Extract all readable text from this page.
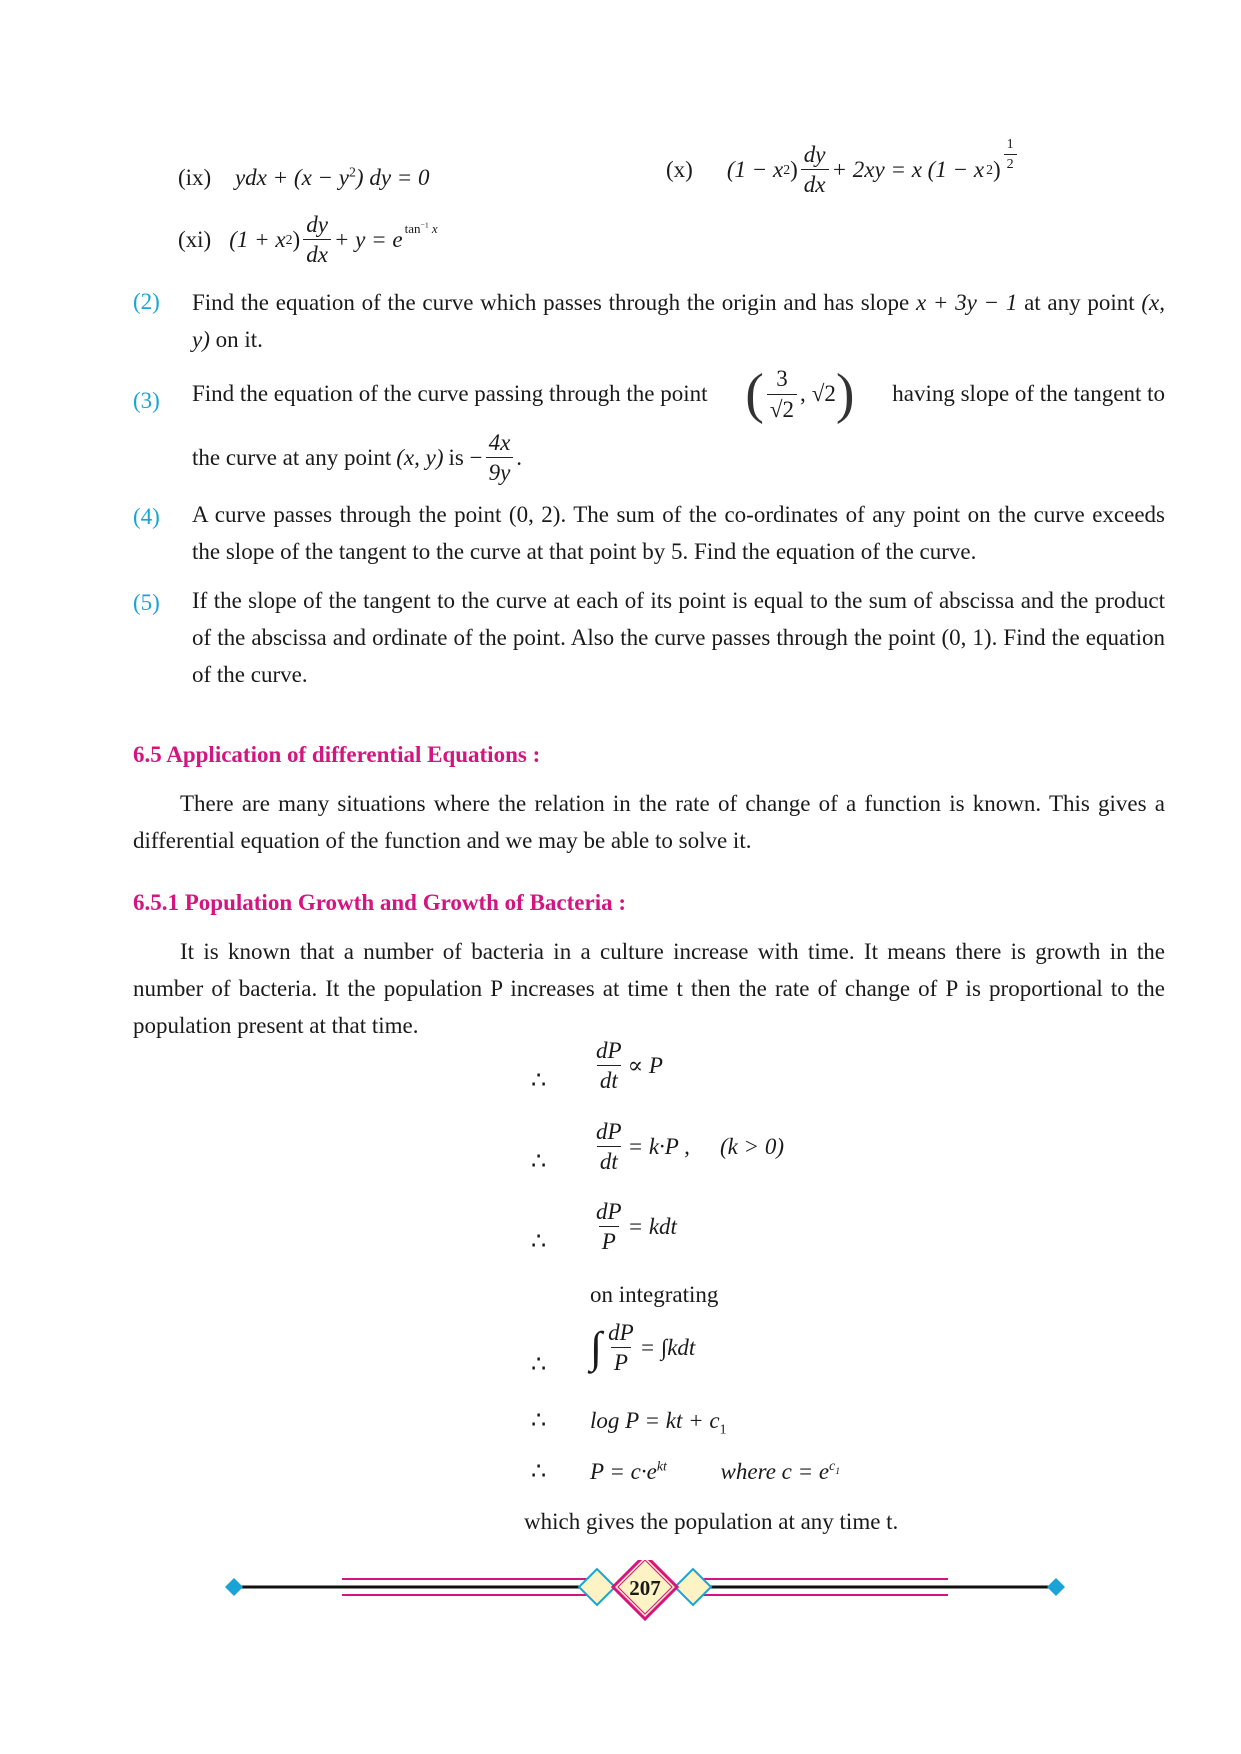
(ix) ydx + $(x - y^2)$ dy = 0	(x) (1 − x 2 ) $\frac{dy}{dx} + 2xy = x$ (1 − x 2 ) $\frac{1}{2}$
(xi) (1 + x 2 ) $\frac{dy}{dx} + y = e$ $\tan^{-1} x$
(2) Find the equation of the curve which passes through the origin and has slope x + 3y − 1 at any point (x, y) on it.
(3) Find the equation of the curve passing through the point ( $\frac{3}{√2}$ , √2 ) having slope of the tangent to
the curve at any point (x, y) is − $\frac{4x}{9y}$ .
(4) A curve passes through the point (0, 2). The sum of the co-ordinates of any point on the curve exceeds the slope of the tangent to the curve at that point by 5. Find the equation of the curve.
(5) If the slope of the tangent to the curve at each of its point is equal to the sum of abscissa and the product of the abscissa and ordinate of the point. Also the curve passes through the point (0, 1). Find the equation of the curve.
6.5 Application of differential Equations :
There are many situations where the relation in the rate of change of a function is known. This gives a differential equation of the function and we may be able to solve it.
6.5.1 Population Growth and Growth of Bacteria :
It is known that a number of bacteria in a culture increase with time. It means there is growth in the number of bacteria. It the population P increases at time t then the rate of change of P is proportional to the population present at that time.
∴ $\frac{dP}{dt} \propto P$
∴ $\frac{dP}{dt} = k\cdot P$ , (k > 0)
∴ $\frac{dP}{P}$ = kdt
on integrating
∴ ∫ $\frac{dP}{P} = \int kdt$
∴ log P = kt + $c_1$
∴ $P = c\cdot e^{kt}$ where $c = e^{c_1}$
which gives the population at any time t.
207
